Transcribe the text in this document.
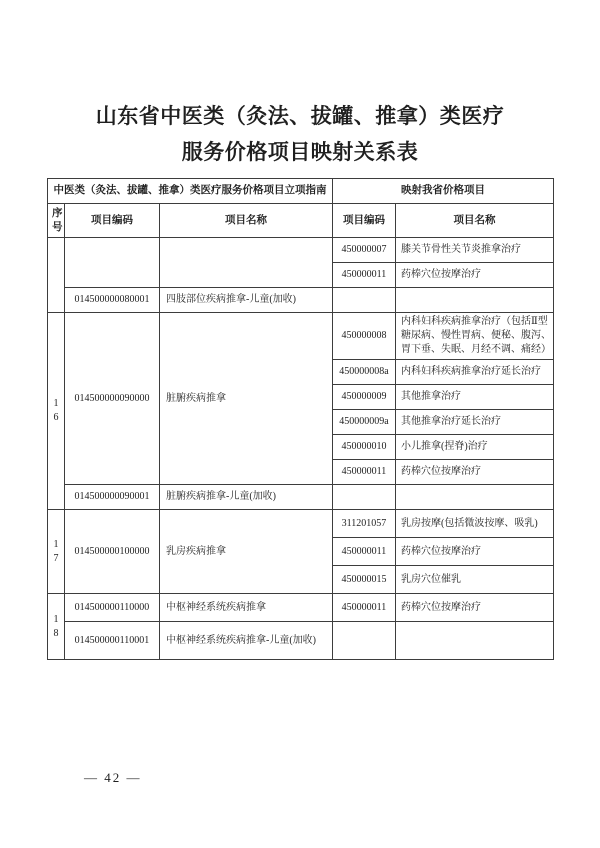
山东省中医类（灸法、拔罐、推拿）类医疗
服务价格项目映射关系表
中医类（灸法、拔罐、推拿）类医疗服务价格项目立项指南			映射我省价格项目	
序号	项目编码	项目名称	项目编码	项目名称
			450000007	膝关节骨性关节炎推拿治疗
			450000011	药棒穴位按摩治疗
	014500000080001	四肢部位疾病推拿-儿童(加收)		
16	014500000090000	脏腑疾病推拿	450000008	内科妇科疾病推拿治疗（包括Ⅱ型糖尿病、慢性胃病、便秘、腹泻、胃下垂、失眠、月经不调、痛经）
			450000008a	内科妇科疾病推拿治疗延长治疗
			450000009	其他推拿治疗
			450000009a	其他推拿治疗延长治疗
			450000010	小儿推拿(捏脊)治疗
			450000011	药棒穴位按摩治疗
	014500000090001	脏腑疾病推拿-儿童(加收)		
17	014500000100000	乳房疾病推拿	311201057	乳房按摩(包括微波按摩、吸乳)
			450000011	药棒穴位按摩治疗
			450000015	乳房穴位催乳
18	014500000110000	中枢神经系统疾病推拿	450000011	药棒穴位按摩治疗
	014500000110001	中枢神经系统疾病推拿-儿童(加收)		
— 42 —
